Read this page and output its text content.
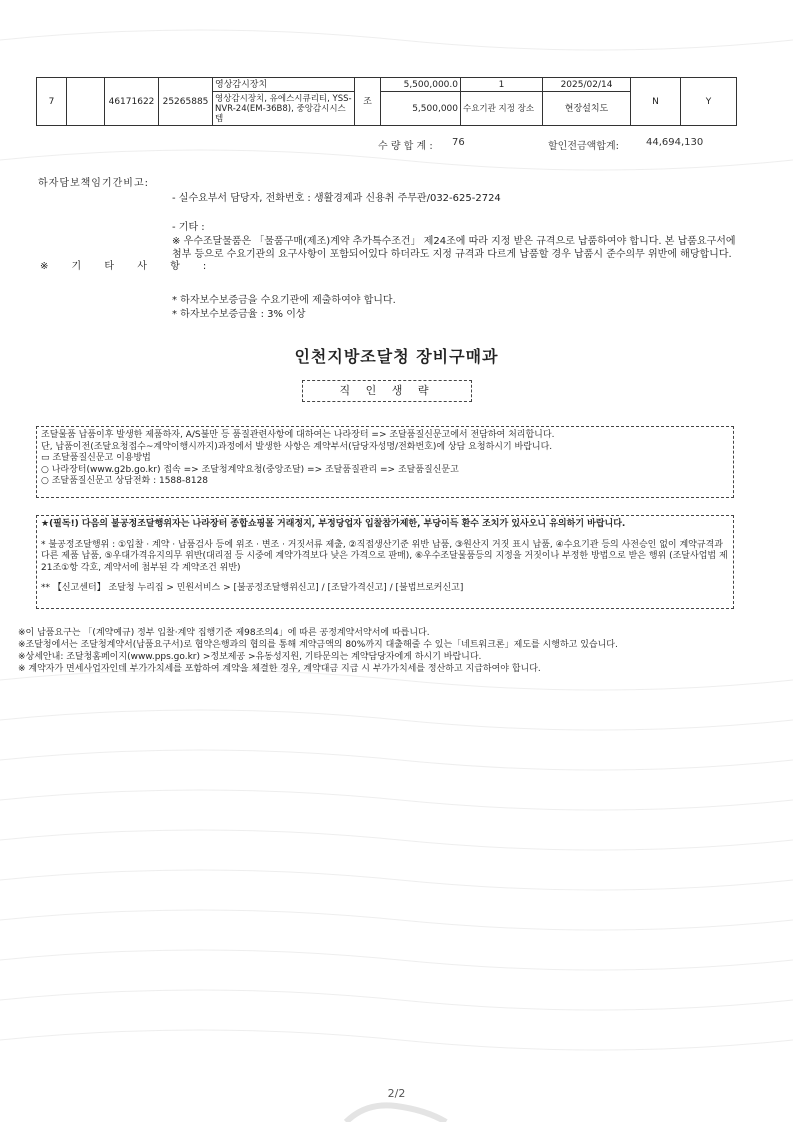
7		46171622	25265885	영상감시장치	조	5,500,000.0	1	2025/02/14	N	Y
				영상감시장치, 유에스시큐리티, YSS-NVR-24(EM-36B8), 중앙감시시스템		5,500,000	수요기관 지정 장소	현장설치도		
수 량 합 계 : 76	할인전금액합계:	44,694,130
하자담보책임기간비고:
- 실수요부서 담당자, 전화번호 : 생활경제과 신용취 주무관/032-625-2724
- 기타 :
※ 기 타 사 항 :
※ 우수조달물품은 「물품구매(제조)계약 추가특수조건」 제24조에 따라 지정 받은 규격으로 납품하여야 합니다. 본 납품요구서에 첨부 등으로 수요기관의 요구사항이 포함되어있다 하더라도 지정 규격과 다르게 납품할 경우 납품시 준수의무 위반에 해당합니다.
* 하자보수보증금을 수요기관에 제출하여야 합니다.
* 하자보수보증금율 : 3% 이상
인천지방조달청 장비구매과
직 인 생 략
조달물품 납품이후 발생한 제품하자, A/S불만 등 품질관련사항에 대하여는 나라장터 => 조달품질신문고에서 전담하여 처리합니다.
단, 납품이전(조달요청접수~계약이행시까지)과정에서 발생한 사항은 계약부서(담당자성명/전화번호)에 상담 요청하시기 바랍니다.
▭ 조달품질신문고 이용방법
○ 나라장터(www.g2b.go.kr) 접속 => 조달청계약요청(중앙조달) => 조달품질관리 => 조달품질신문고
○ 조달품질신문고 상담전화 : 1588-8128
★(필독!) 다음의 불공정조달행위자는 나라장터 종합쇼핑몰 거래정지, 부정당업자 입찰참가제한, 부당이득 환수 조치가 있사오니 유의하기 바랍니다.
* 불공정조달행위 : ①입찰 · 계약 · 납품검사 등에 위조 · 변조 · 거짓서류 제출, ②직접생산기준 위반 납품, ③원산지 거짓 표시 납품, ④수요기관 등의 사전승인 없이 계약규격과 다른 제품 납품, ⑤우대가격유지의무 위반(대리점 등 시중에 계약가격보다 낮은 가격으로 판매), ⑥우수조달물품등의 지정을 거짓이나 부정한 방법으로 받은 행위 (조달사업법 제21조①항 각호, 계약서에 첨부된 각 계약조건 위반)
** 【신고센터】 조달청 누리집 > 민원서비스 > [불공정조달행위신고] / [조달가격신고] / [불법브로커신고]
※이 납품요구는 「(계약예규) 정부 입찰·계약 집행기준 제98조의4」에 따른 공정계약서약서에 따릅니다.
※조달청에서는 조달청계약서(납품요구서)로 협약은행과의 협의를 통해 계약금액의 80%까지 대출해줄 수 있는「네트워크론」제도를 시행하고 있습니다.
※상세안내: 조달청홈페이지(www.pps.go.kr) >정보제공 >유동성지원, 기타문의는 계약담당자에게 하시기 바랍니다.
※ 계약자가 면세사업자인데 부가가치세를 포함하여 계약을 체결한 경우, 계약대금 지급 시 부가가치세를 정산하고 지급하여야 합니다.
2/2
